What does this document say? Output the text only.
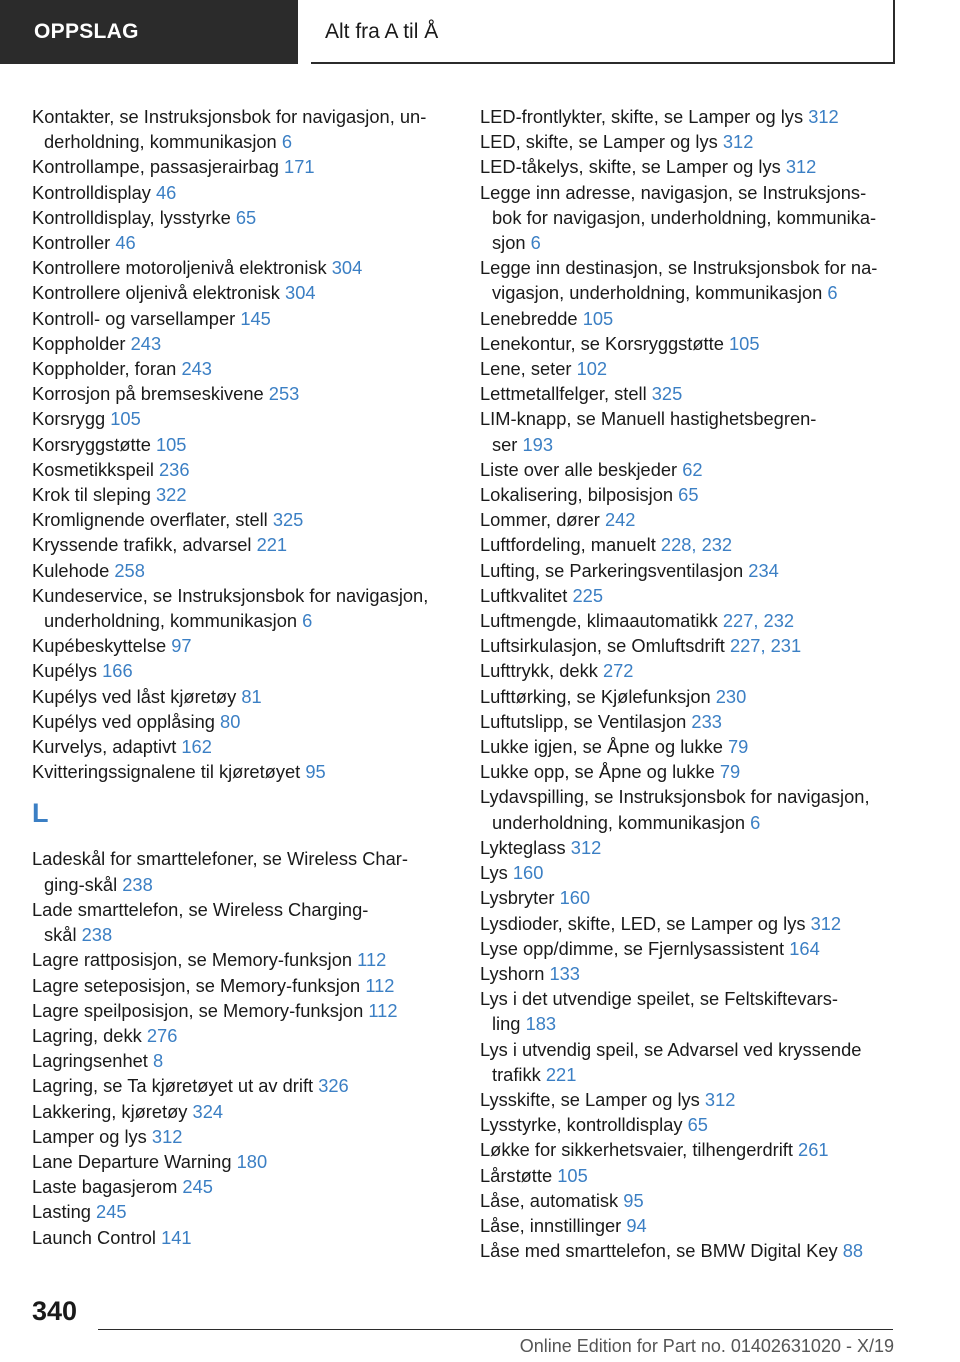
OPPSLAG	Alt fra A til Å
Kontakter, se Instruksjonsbok for navigasjon, un-
derholdning, kommunikasjon 6
Kontrollampe, passasjerairbag 171
Kontrolldisplay 46
Kontrolldisplay, lysstyrke 65
Kontroller 46
Kontrollere motoroljenivå elektronisk 304
Kontrollere oljenivå elektronisk 304
Kontroll- og varsellamper 145
Koppholder 243
Koppholder, foran 243
Korrosjon på bremseskivene 253
Korsrygg 105
Korsryggstøtte 105
Kosmetikkspeil 236
Krok til sleping 322
Kromlignende overflater, stell 325
Kryssende trafikk, advarsel 221
Kulehode 258
Kundeservice, se Instruksjonsbok for navigasjon,
underholdning, kommunikasjon 6
Kupébeskyttelse 97
Kupélys 166
Kupélys ved låst kjøretøy 81
Kupélys ved opplåsing 80
Kurvelys, adaptivt 162
Kvitteringssignalene til kjøretøyet 95
L
Ladeskål for smarttelefoner, se Wireless Char-
ging-skål 238
Lade smarttelefon, se Wireless Charging-
skål 238
Lagre rattposisjon, se Memory-funksjon 112
Lagre seteposisjon, se Memory-funksjon 112
Lagre speilposisjon, se Memory-funksjon 112
Lagring, dekk 276
Lagringsenhet 8
Lagring, se Ta kjøretøyet ut av drift 326
Lakkering, kjøretøy 324
Lamper og lys 312
Lane Departure Warning 180
Laste bagasjerom 245
Lasting 245
Launch Control 141
LED-frontlykter, skifte, se Lamper og lys 312
LED, skifte, se Lamper og lys 312
LED-tåkelys, skifte, se Lamper og lys 312
Legge inn adresse, navigasjon, se Instruksjons-
bok for navigasjon, underholdning, kommunika-
sjon 6
Legge inn destinasjon, se Instruksjonsbok for na-
vigasjon, underholdning, kommunikasjon 6
Lenebredde 105
Lenekontur, se Korsryggstøtte 105
Lene, seter 102
Lettmetallfelger, stell 325
LIM-knapp, se Manuell hastighetsbegren-
ser 193
Liste over alle beskjeder 62
Lokalisering, bilposisjon 65
Lommer, dører 242
Luftfordeling, manuelt 228, 232
Lufting, se Parkeringsventilasjon 234
Luftkvalitet 225
Luftmengde, klimaautomatikk 227, 232
Luftsirkulasjon, se Omluftsdrift 227, 231
Lufttrykk, dekk 272
Lufttørking, se Kjølefunksjon 230
Luftutslipp, se Ventilasjon 233
Lukke igjen, se Åpne og lukke 79
Lukke opp, se Åpne og lukke 79
Lydavspilling, se Instruksjonsbok for navigasjon,
underholdning, kommunikasjon 6
Lykteglass 312
Lys 160
Lysbryter 160
Lysdioder, skifte, LED, se Lamper og lys 312
Lyse opp/dimme, se Fjernlysassistent 164
Lyshorn 133
Lys i det utvendige speilet, se Feltskiftevars-
ling 183
Lys i utvendig speil, se Advarsel ved kryssende
trafikk 221
Lysskifte, se Lamper og lys 312
Lysstyrke, kontrolldisplay 65
Løkke for sikkerhetsvaier, tilhengerdrift 261
Lårstøtte 105
Låse, automatisk 95
Låse, innstillinger 94
Låse med smarttelefon, se BMW Digital Key 88
340
Online Edition for Part no. 01402631020 - X/19
